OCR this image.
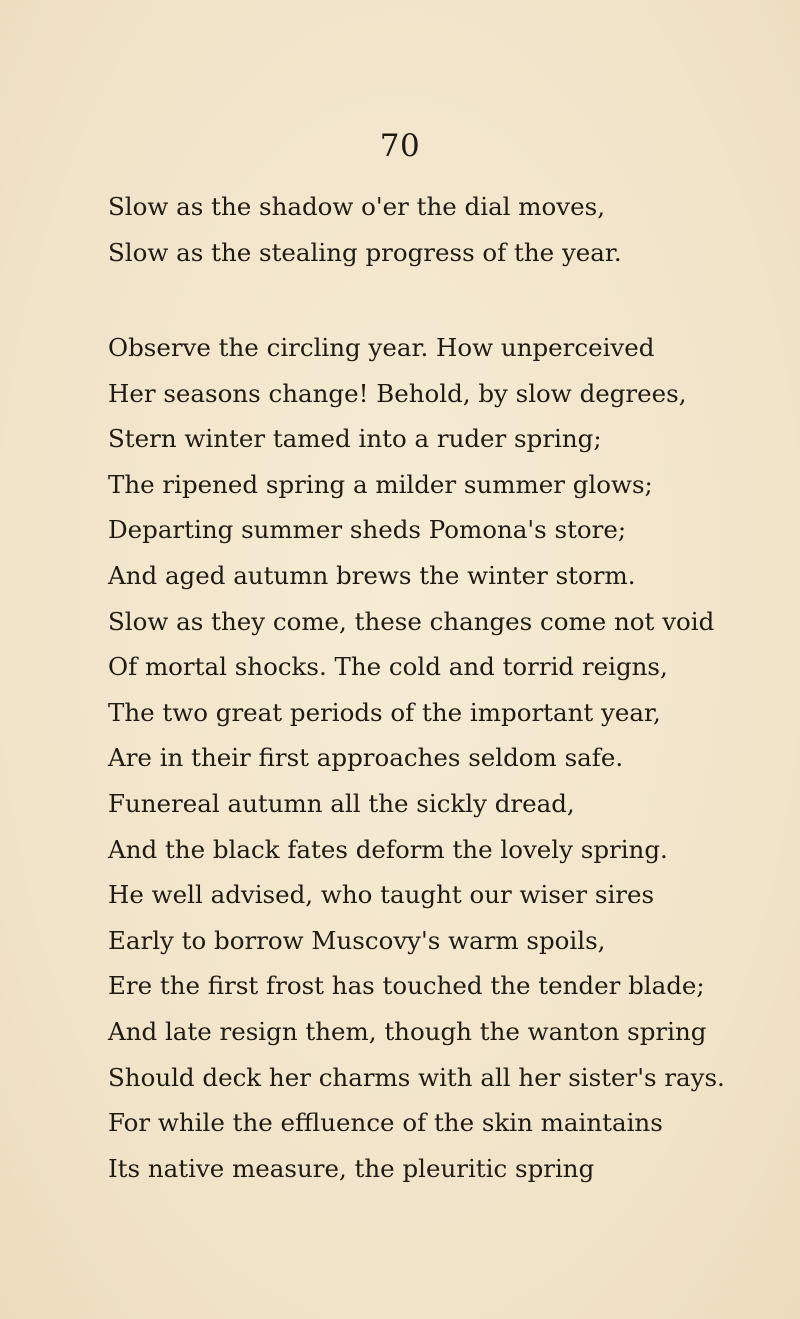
70
Slow as the shadow o'er the dial moves,
Slow as the stealing progress of the year.
Observe the circling year. How unperceived
Her seasons change! Behold, by slow degrees,
Stern winter tamed into a ruder spring;
The ripened spring a milder summer glows;
Departing summer sheds Pomona's store;
And aged autumn brews the winter storm.
Slow as they come, these changes come not void
Of mortal shocks. The cold and torrid reigns,
The two great periods of the important year,
Are in their first approaches seldom safe.
Funereal autumn all the sickly dread,
And the black fates deform the lovely spring.
He well advised, who taught our wiser sires
Early to borrow Muscovy's warm spoils,
Ere the first frost has touched the tender blade;
And late resign them, though the wanton spring
Should deck her charms with all her sister's rays.
For while the effluence of the skin maintains
Its native measure, the pleuritic spring
